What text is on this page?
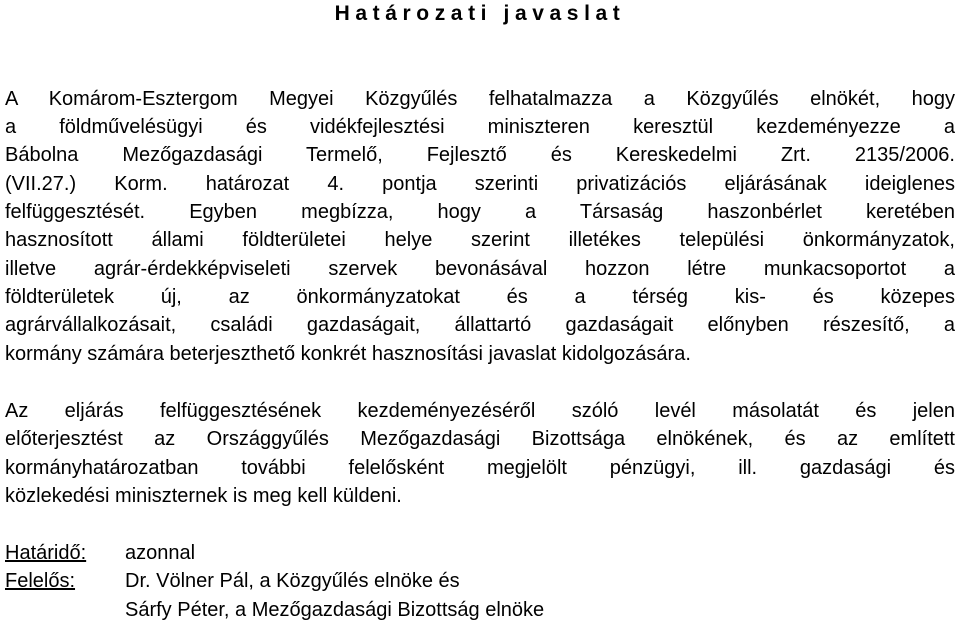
Határozati javaslat
A Komárom-Esztergom Megyei Közgyűlés felhatalmazza a Közgyűlés elnökét, hogy
a földművelésügyi és vidékfejlesztési miniszteren keresztül kezdeményezze a
Bábolna Mezőgazdasági Termelő, Fejlesztő és Kereskedelmi Zrt. 2135/2006.
(VII.27.) Korm. határozat 4. pontja szerinti privatizációs eljárásának ideiglenes
felfüggesztését. Egyben megbízza, hogy a Társaság haszonbérlet keretében
hasznosított állami földterületei helye szerint illetékes települési önkormányzatok,
illetve agrár-érdekképviseleti szervek bevonásával hozzon létre munkacsoportot a
földterületek új, az önkormányzatokat és a térség kis- és közepes
agrárvállalkozásait, családi gazdaságait, állattartó gazdaságait előnyben részesítő, a
kormány számára beterjeszthető konkrét hasznosítási javaslat kidolgozására.
Az eljárás felfüggesztésének kezdeményezéséről szóló levél másolatát és jelen
előterjesztést az Országgyűlés Mezőgazdasági Bizottsága elnökének, és az említett
kormányhatározatban további felelősként megjelölt pénzügyi, ill. gazdasági és
közlekedési miniszternek is meg kell küldeni.
Határidő: azonnal
Felelős: Dr. Völner Pál, a Közgyűlés elnöke és
Sárfy Péter, a Mezőgazdasági Bizottság elnöke
